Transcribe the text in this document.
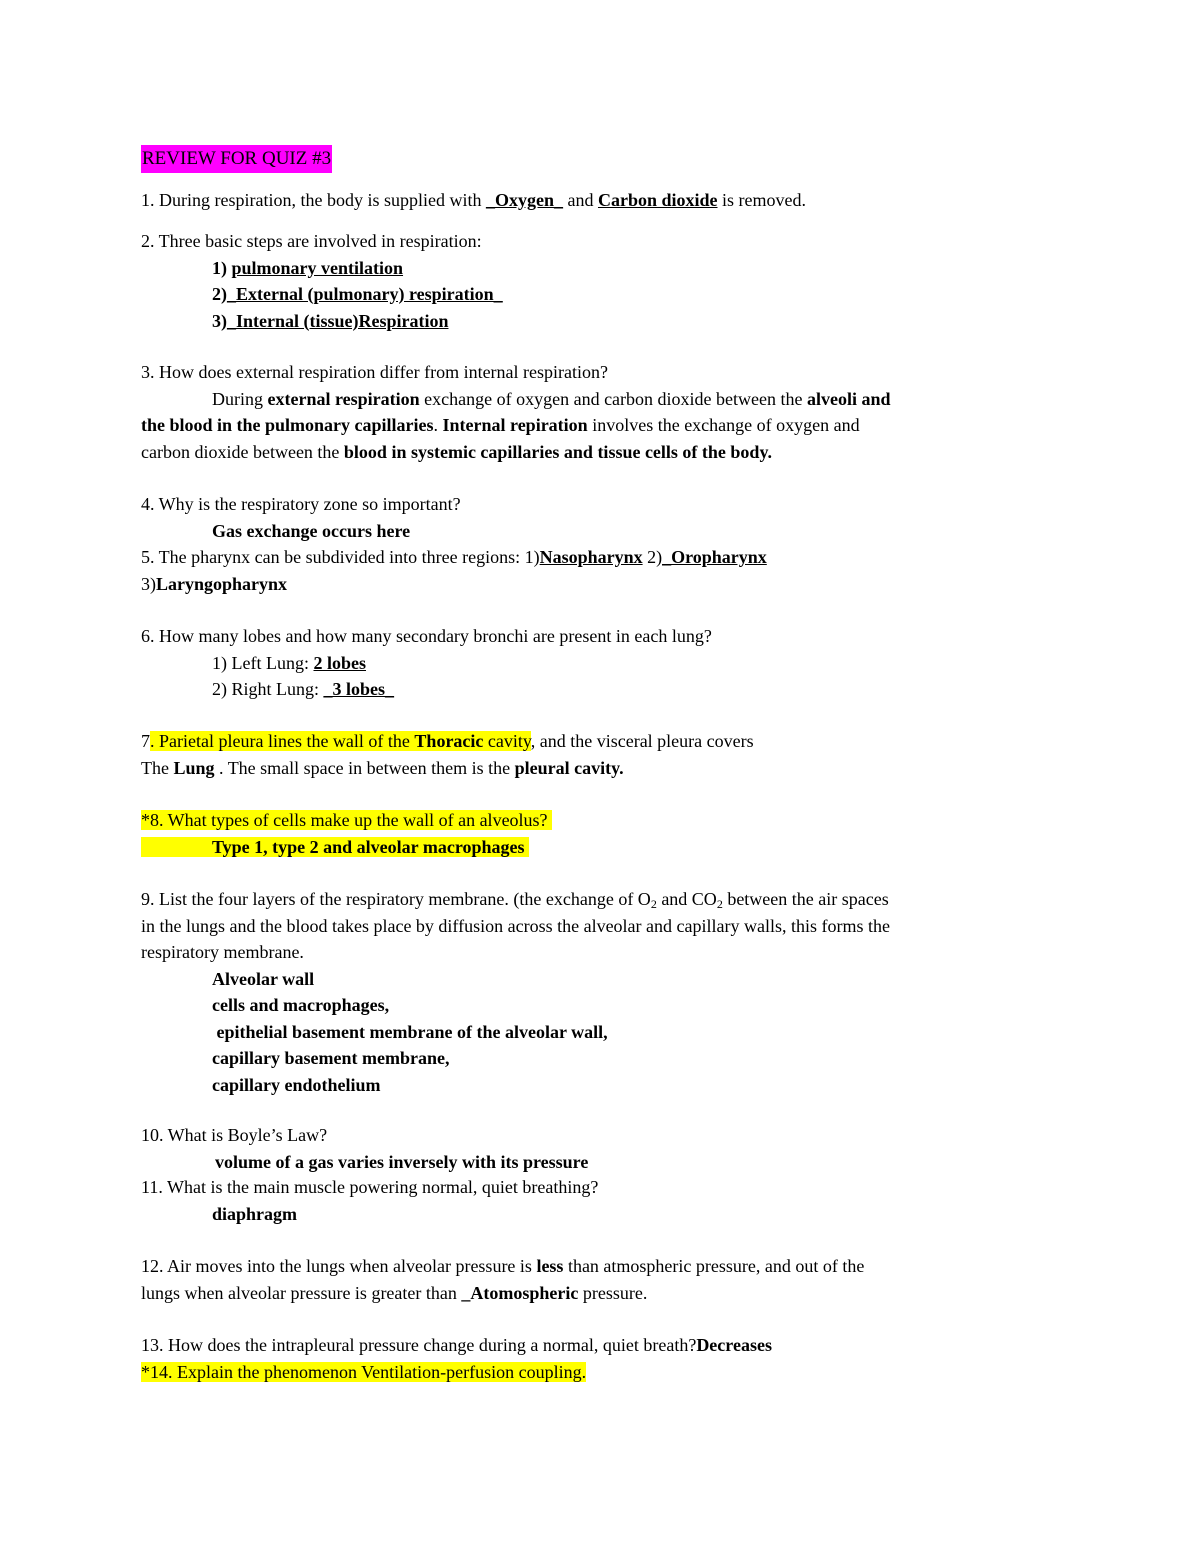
REVIEW FOR QUIZ #3

1. During respiration, the body is supplied with _Oxygen_ and Carbon dioxide is removed.

2. Three basic steps are involved in respiration:

1) pulmonary ventilation

2)_External (pulmonary) respiration_

3)_Internal (tissue)Respiration

3. How does external respiration differ from internal respiration?

During external respiration exchange of oxygen and carbon dioxide between the alveoli and

the blood in the pulmonary capillaries. Internal repiration involves the exchange of oxygen and

carbon dioxide between the blood in systemic capillaries and tissue cells of the body.

4. Why is the respiratory zone so important?

Gas exchange occurs here

5. The pharynx can be subdivided into three regions: 1)Nasopharynx 2)_Oropharynx

3)Laryngopharynx

6. How many lobes and how many secondary bronchi are present in each lung?

1) Left Lung: 2 lobes

2) Right Lung: _3 lobes_

7. Parietal pleura lines the wall of the Thoracic cavity, and the visceral pleura covers

The Lung . The small space in between them is the pleural cavity.

*8. What types of cells make up the wall of an alveolus?

Type 1, type 2 and alveolar macrophages

9. List the four layers of the respiratory membrane. (the exchange of $O_2$ and $CO_2$ between the air spaces

in the lungs and the blood takes place by diffusion across the alveolar and capillary walls, this forms the

respiratory membrane.

Alveolar wall

cells and macrophages,

epithelial basement membrane of the alveolar wall,

capillary basement membrane,

capillary endothelium

10. What is Boyle’s Law?

volume of a gas varies inversely with its pressure

11. What is the main muscle powering normal, quiet breathing?

diaphragm

12. Air moves into the lungs when alveolar pressure is less than atmospheric pressure, and out of the

lungs when alveolar pressure is greater than _Atomospheric pressure.

13. How does the intrapleural pressure change during a normal, quiet breath?Decreases

*14. Explain the phenomenon Ventilation-perfusion coupling.
